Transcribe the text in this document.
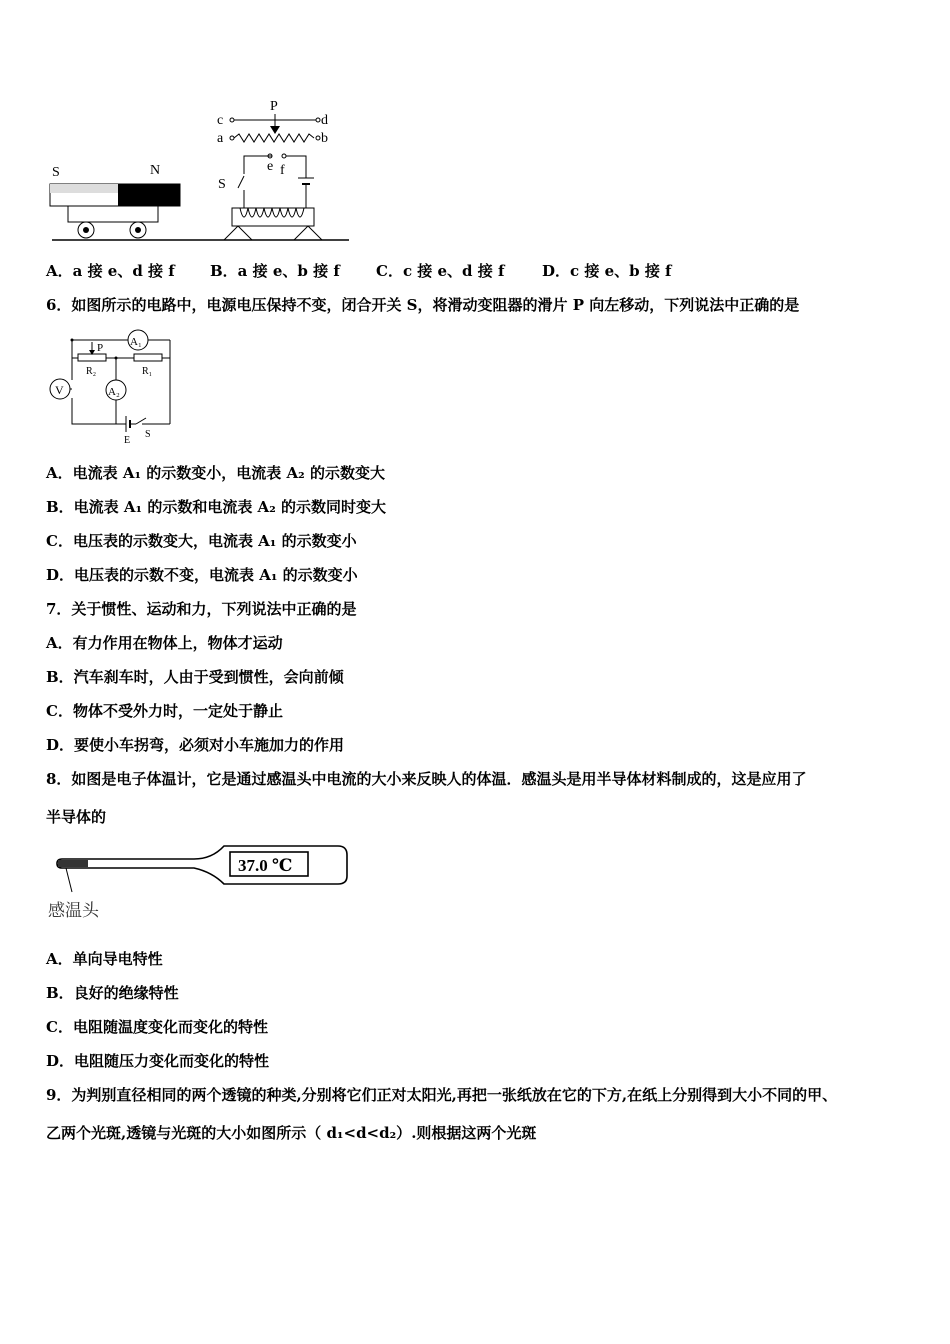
S	N
P
c	d
a	b
e f
S
A．a 接 e、d 接 f B．a 接 e、b 接 f C．c 接 e、d 接 f	D．c 接 e、b 接 f
6．如图所示的电路中，电源电压保持不变，闭合开关 S，将滑动变阻器的滑片 P 向左移动，下列说法中正确的是
V
A₁
P
R₂	R₁
A₂
E
S
A．电流表 A₁ 的示数变小，电流表 A₂ 的示数变大
B．电流表 A₁ 的示数和电流表 A₂ 的示数同时变大
C．电压表的示数变大，电流表 A₁ 的示数变小
D．电压表的示数不变，电流表 A₁ 的示数变小
7．关于惯性、运动和力，下列说法中正确的是
A．有力作用在物体上，物体才运动
B．汽车刹车时，人由于受到惯性，会向前倾
C．物体不受外力时，一定处于静止
D．要使小车拐弯，必须对小车施加力的作用
8．如图是电子体温计，它是通过感温头中电流的大小来反映人的体温．感温头是用半导体材料制成的，这是应用了
半导体的
37.0 ℃
感温头
A．单向导电特性
B．良好的绝缘特性
C．电阻随温度变化而变化的特性
D．电阻随压力变化而变化的特性
9．为判别直径相同的两个透镜的种类,分别将它们正对太阳光,再把一张纸放在它的下方,在纸上分别得到大小不同的甲、
乙两个光斑,透镜与光斑的大小如图所示（ d₁<d<d₂）.则根据这两个光斑
